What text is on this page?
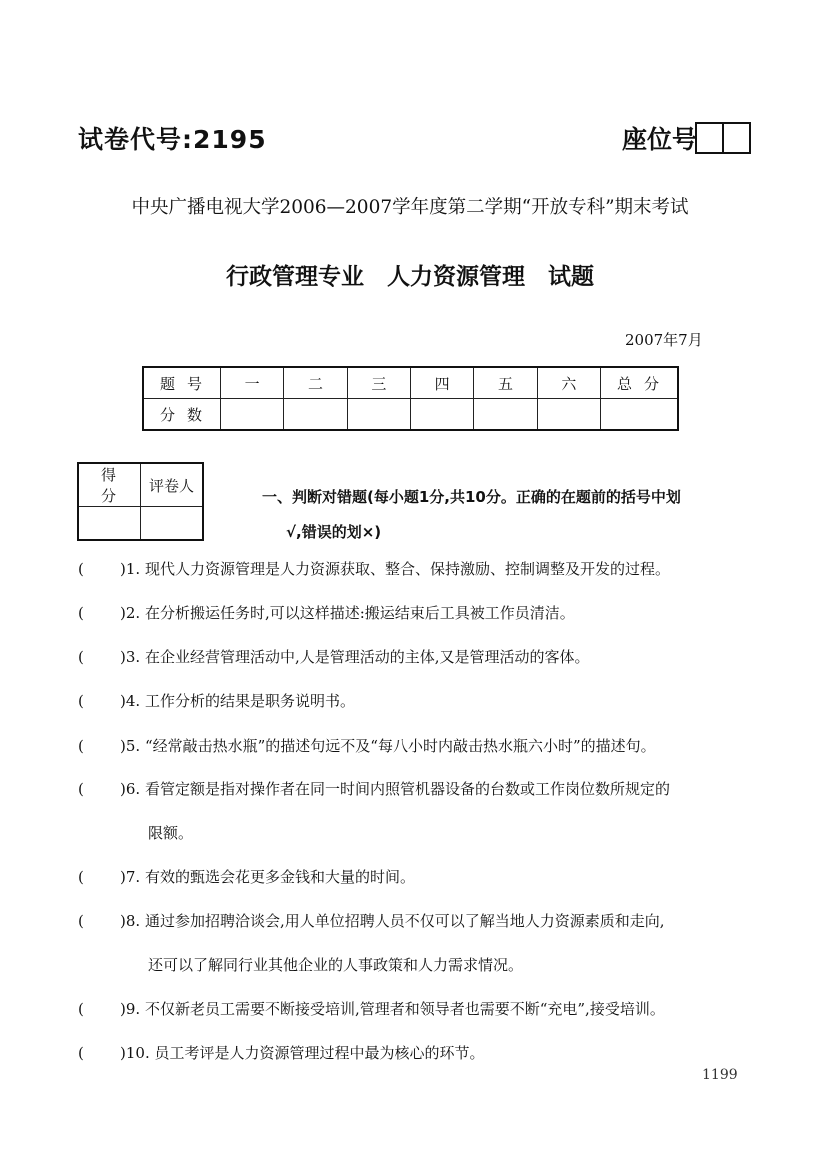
试卷代号:2195	座位号
中央广播电视大学2006—2007学年度第二学期“开放专科”期末考试
行政管理专业　人力资源管理　试题
2007年7月
题号	一	二	三	四	五	六	总分
分数							
得分	评卷人

一、判断对错题(每小题1分,共10分。正确的在题前的括号中划
√,错误的划×)
( )1. 现代人力资源管理是人力资源获取、整合、保持激励、控制调整及开发的过程。
( )2. 在分析搬运任务时,可以这样描述:搬运结束后工具被工作员清洁。
( )3. 在企业经营管理活动中,人是管理活动的主体,又是管理活动的客体。
( )4. 工作分析的结果是职务说明书。
( )5. “经常敲击热水瓶”的描述句远不及“每八小时内敲击热水瓶六小时”的描述句。
( )6. 看管定额是指对操作者在同一时间内照管机器设备的台数或工作岗位数所规定的
限额。
( )7. 有效的甄选会花更多金钱和大量的时间。
( )8. 通过参加招聘洽谈会,用人单位招聘人员不仅可以了解当地人力资源素质和走向,
还可以了解同行业其他企业的人事政策和人力需求情况。
( )9. 不仅新老员工需要不断接受培训,管理者和领导者也需要不断“充电”,接受培训。
( )10. 员工考评是人力资源管理过程中最为核心的环节。
1199
